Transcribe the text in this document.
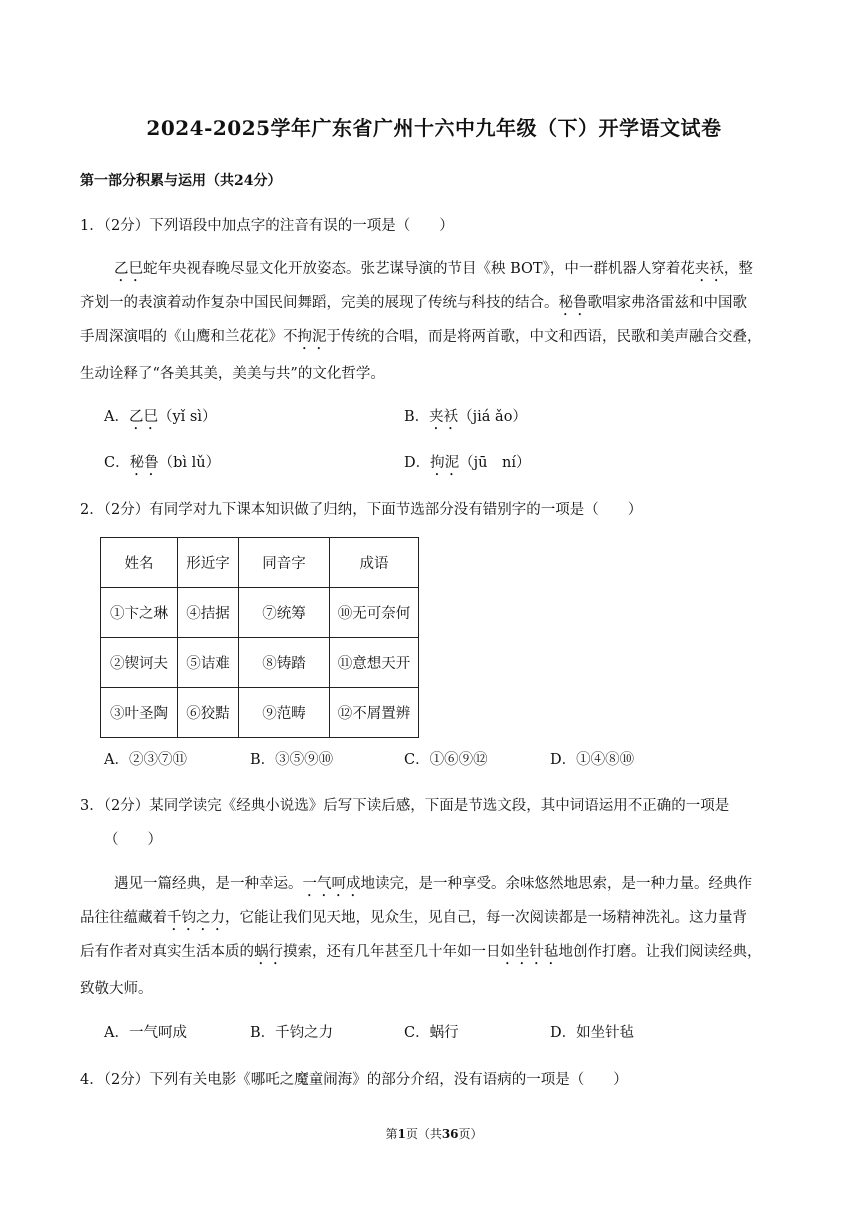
2024-2025学年广东省广州十六中九年级（下）开学语文试卷
第一部分积累与运用（共24分）
1．（2分）下列语段中加点字的注音有误的一项是（　　）
乙巳蛇年央视春晚尽显文化开放姿态。张艺谋导演的节目《秧 BOT》，中一群机器人穿着花夹袄，整
齐划一的表演着动作复杂中国民间舞蹈，完美的展现了传统与科技的结合。秘鲁歌唱家弗洛雷兹和中国歌
手周深演唱的《山鹰和兰花花》不拘泥于传统的合唱，而是将两首歌，中文和西语，民歌和美声融合交叠，
生动诠释了“各美其美，美美与共”的文化哲学。
A．乙巳（yǐ sì）	B．夹袄（jiá ǎo）
C．秘鲁（bì lǔ）	D．拘泥（jū　ní）
2．（2分）有同学对九下课本知识做了归纳，下面节选部分没有错别字的一项是（　　）
姓名	形近字	同音字	成语
①卞之琳	④拮据	⑦统筹	⑩无可奈何
②锲诃夫	⑤诘难	⑧铸踏	⑪意想天开
③叶圣陶	⑥狡黠	⑨范畴	⑫不屑置辨
A．②③⑦⑪	B．③⑤⑨⑩	C．①⑥⑨⑫	D．①④⑧⑩
3．（2分）某同学读完《经典小说选》后写下读后感，下面是节选文段，其中词语运用不正确的一项是
（　　）
遇见一篇经典，是一种幸运。一气呵成地读完，是一种享受。余味悠然地思索，是一种力量。经典作
品往往蕴藏着千钧之力，它能让我们见天地，见众生，见自己，每一次阅读都是一场精神洗礼。这力量背
后有作者对真实生活本质的蜗行摸索，还有几年甚至几十年如一日如坐针毡地创作打磨。让我们阅读经典，
致敬大师。
A．一气呵成	B．千钧之力	C．蜗行	D．如坐针毡
4．（2分）下列有关电影《哪吒之魔童闹海》的部分介绍，没有语病的一项是（　　）
第1页（共36页）
